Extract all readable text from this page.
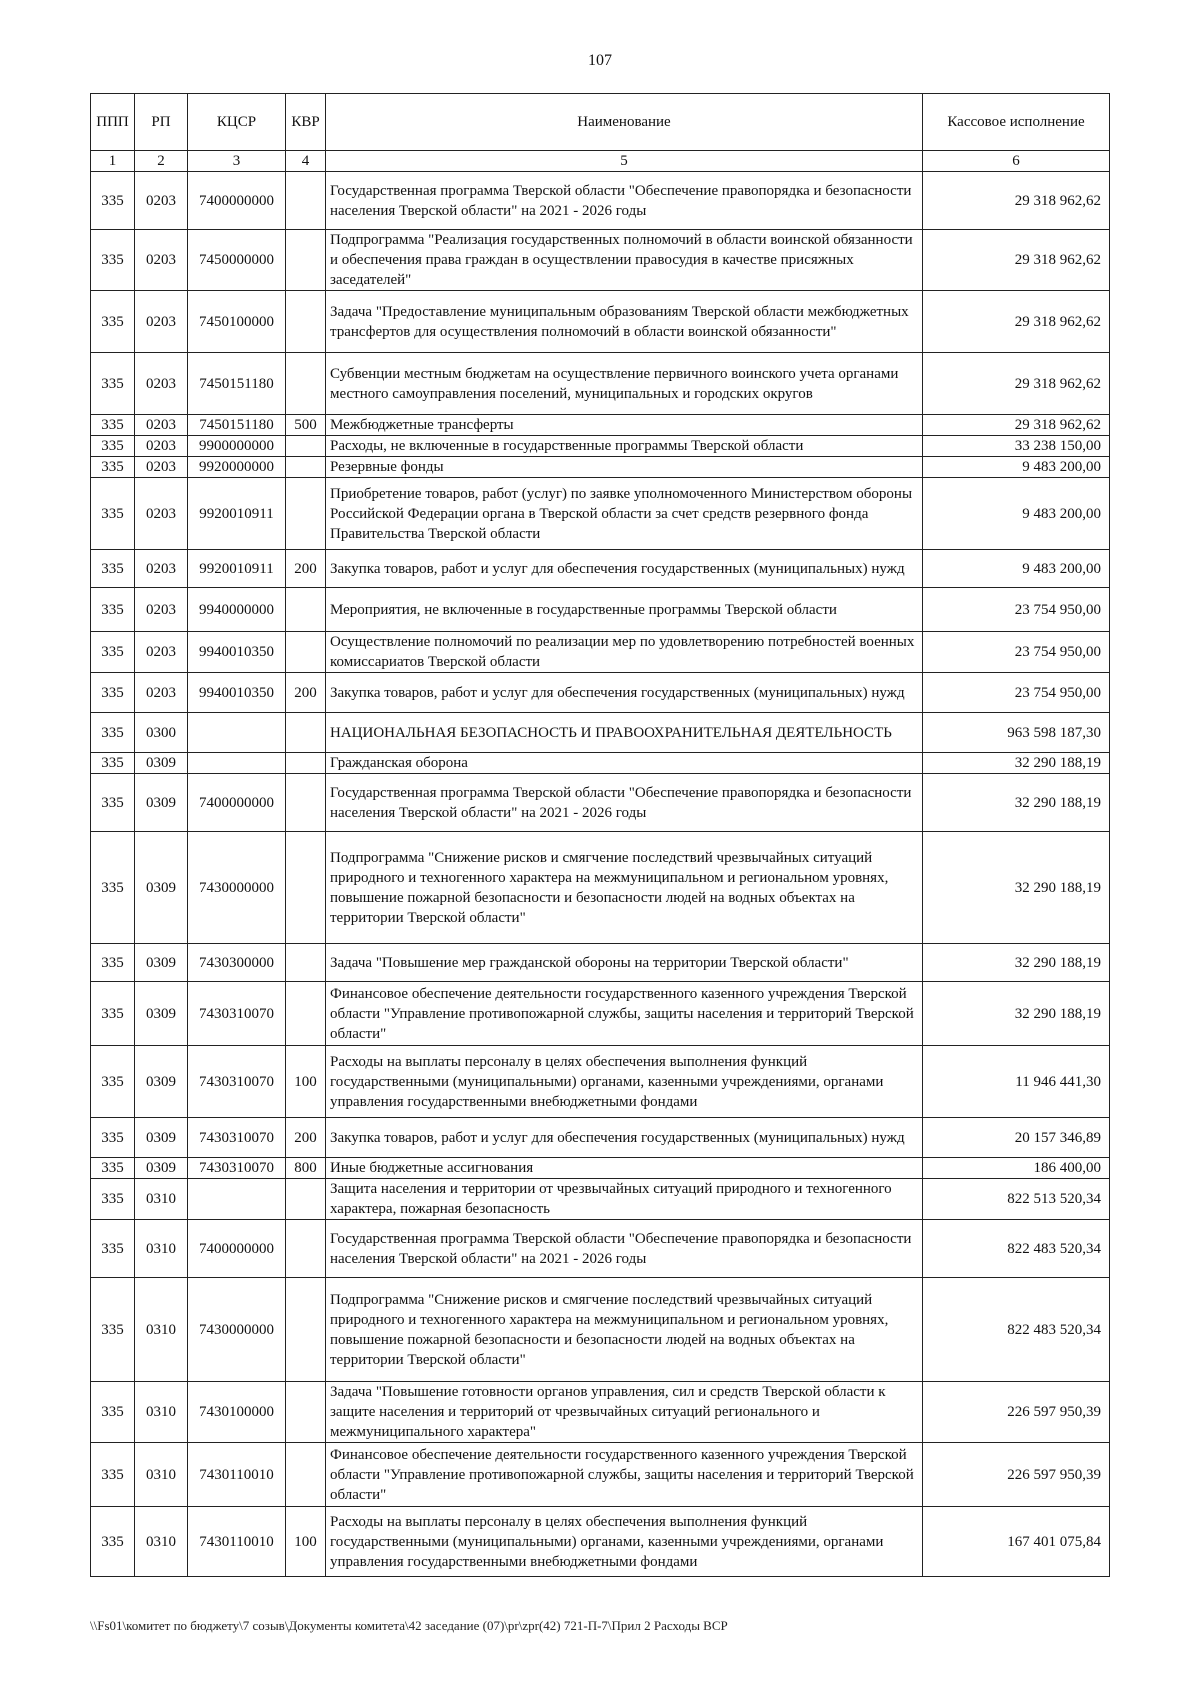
107
ППП	РП	КЦСР	КВР	Наименование	Кассовое исполнение
1	2	3	4	5	6
335	0203	7400000000		Государственная программа Тверской области "Обеспечение правопорядка и безопасности населения Тверской области" на 2021 - 2026 годы	29 318 962,62
335	0203	7450000000		Подпрограмма "Реализация государственных полномочий в области воинской обязанности и обеспечения права граждан в осуществлении правосудия в качестве присяжных заседателей"	29 318 962,62
335	0203	7450100000		Задача "Предоставление муниципальным образованиям Тверской области межбюджетных трансфертов для осуществления полномочий в области воинской обязанности"	29 318 962,62
335	0203	7450151180		Субвенции местным бюджетам на осуществление первичного воинского учета органами местного самоуправления поселений, муниципальных и городских округов	29 318 962,62
335	0203	7450151180	500	Межбюджетные трансферты	29 318 962,62
335	0203	9900000000		Расходы, не включенные в государственные программы Тверской области	33 238 150,00
335	0203	9920000000		Резервные фонды	9 483 200,00
335	0203	9920010911		Приобретение товаров, работ (услуг) по заявке уполномоченного Министерством обороны Российской Федерации органа в Тверской области за счет средств резервного фонда Правительства Тверской области	9 483 200,00
335	0203	9920010911	200	Закупка товаров, работ и услуг для обеспечения государственных (муниципальных) нужд	9 483 200,00
335	0203	9940000000		Мероприятия, не включенные в государственные программы Тверской области	23 754 950,00
335	0203	9940010350		Осуществление полномочий по реализации мер по удовлетворению потребностей военных комиссариатов Тверской области	23 754 950,00
335	0203	9940010350	200	Закупка товаров, работ и услуг для обеспечения государственных (муниципальных) нужд	23 754 950,00
335	0300			НАЦИОНАЛЬНАЯ БЕЗОПАСНОСТЬ И ПРАВООХРАНИТЕЛЬНАЯ ДЕЯТЕЛЬНОСТЬ	963 598 187,30
335	0309			Гражданская оборона	32 290 188,19
335	0309	7400000000		Государственная программа Тверской области "Обеспечение правопорядка и безопасности населения Тверской области" на 2021 - 2026 годы	32 290 188,19
335	0309	7430000000		Подпрограмма "Снижение рисков и смягчение последствий чрезвычайных ситуаций природного и техногенного характера на межмуниципальном и региональном уровнях, повышение пожарной безопасности и безопасности людей на водных объектах на территории Тверской области"	32 290 188,19
335	0309	7430300000		Задача "Повышение мер гражданской обороны на территории Тверской области"	32 290 188,19
335	0309	7430310070		Финансовое обеспечение деятельности государственного казенного учреждения Тверской области "Управление противопожарной службы, защиты населения и территорий Тверской области"	32 290 188,19
335	0309	7430310070	100	Расходы на выплаты персоналу в целях обеспечения выполнения функций государственными (муниципальными) органами, казенными учреждениями, органами управления государственными внебюджетными фондами	11 946 441,30
335	0309	7430310070	200	Закупка товаров, работ и услуг для обеспечения государственных (муниципальных) нужд	20 157 346,89
335	0309	7430310070	800	Иные бюджетные ассигнования	186 400,00
335	0310			Защита населения и территории от чрезвычайных ситуаций природного и техногенного характера, пожарная безопасность	822 513 520,34
335	0310	7400000000		Государственная программа Тверской области "Обеспечение правопорядка и безопасности населения Тверской области" на 2021 - 2026 годы	822 483 520,34
335	0310	7430000000		Подпрограмма "Снижение рисков и смягчение последствий чрезвычайных ситуаций природного и техногенного характера на межмуниципальном и региональном уровнях, повышение пожарной безопасности и безопасности людей на водных объектах на территории Тверской области"	822 483 520,34
335	0310	7430100000		Задача "Повышение готовности органов управления, сил и средств Тверской области к защите населения и территорий от чрезвычайных ситуаций регионального и межмуниципального характера"	226 597 950,39
335	0310	7430110010		Финансовое обеспечение деятельности государственного казенного учреждения Тверской области "Управление противопожарной службы, защиты населения и территорий Тверской области"	226 597 950,39
335	0310	7430110010	100	Расходы на выплаты персоналу в целях обеспечения выполнения функций государственными (муниципальными) органами, казенными учреждениями, органами управления государственными внебюджетными фондами	167 401 075,84
\\Fs01\комитет по бюджету\7 созыв\Документы комитета\42 заседание (07)\pr\zpr(42) 721-П-7\Прил 2 Расходы ВСР
